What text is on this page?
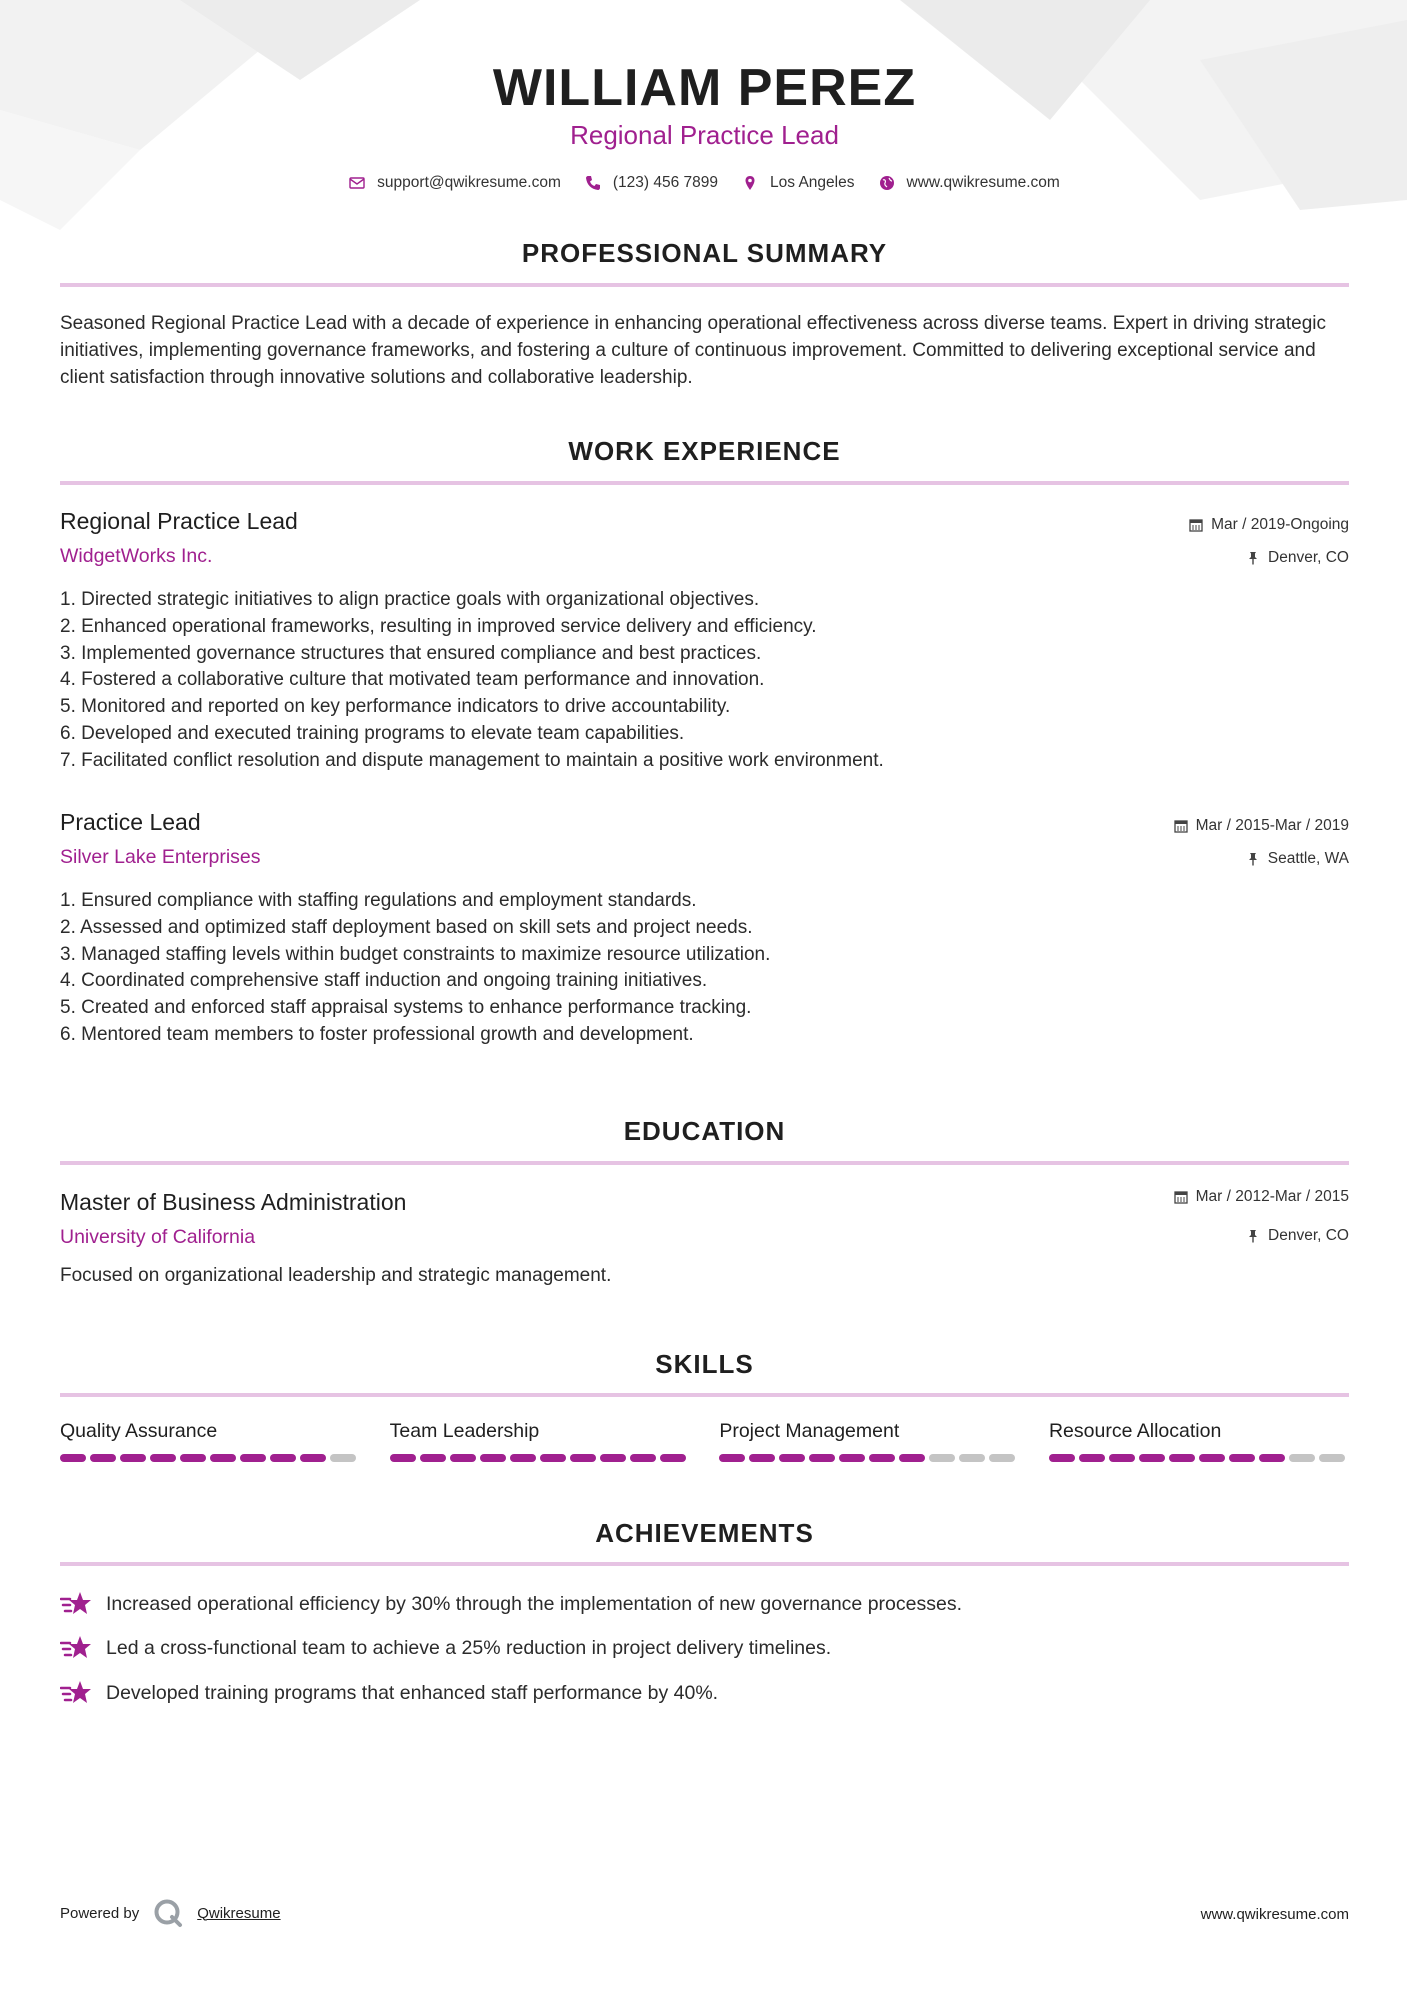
WILLIAM PEREZ
Regional Practice Lead
support@qwikresume.com	(123) 456 7899	Los Angeles	www.qwikresume.com
PROFESSIONAL SUMMARY
Seasoned Regional Practice Lead with a decade of experience in enhancing operational effectiveness across diverse teams. Expert in driving strategic initiatives, implementing governance frameworks, and fostering a culture of continuous improvement. Committed to delivering exceptional service and client satisfaction through innovative solutions and collaborative leadership.
WORK EXPERIENCE
Regional Practice Lead	Mar / 2019-Ongoing
WidgetWorks Inc.	Denver, CO
1. Directed strategic initiatives to align practice goals with organizational objectives.
2. Enhanced operational frameworks, resulting in improved service delivery and efficiency.
3. Implemented governance structures that ensured compliance and best practices.
4. Fostered a collaborative culture that motivated team performance and innovation.
5. Monitored and reported on key performance indicators to drive accountability.
6. Developed and executed training programs to elevate team capabilities.
7. Facilitated conflict resolution and dispute management to maintain a positive work environment.
Practice Lead	Mar / 2015-Mar / 2019
Silver Lake Enterprises	Seattle, WA
1. Ensured compliance with staffing regulations and employment standards.
2. Assessed and optimized staff deployment based on skill sets and project needs.
3. Managed staffing levels within budget constraints to maximize resource utilization.
4. Coordinated comprehensive staff induction and ongoing training initiatives.
5. Created and enforced staff appraisal systems to enhance performance tracking.
6. Mentored team members to foster professional growth and development.
EDUCATION
Master of Business Administration	Mar / 2012-Mar / 2015
University of California	Denver, CO
Focused on organizational leadership and strategic management.
SKILLS
Quality Assurance	Team Leadership	Project Management	Resource Allocation
ACHIEVEMENTS
Increased operational efficiency by 30% through the implementation of new governance processes.
Led a cross-functional team to achieve a 25% reduction in project delivery timelines.
Developed training programs that enhanced staff performance by 40%.
Powered by	Qwikresume	www.qwikresume.com
